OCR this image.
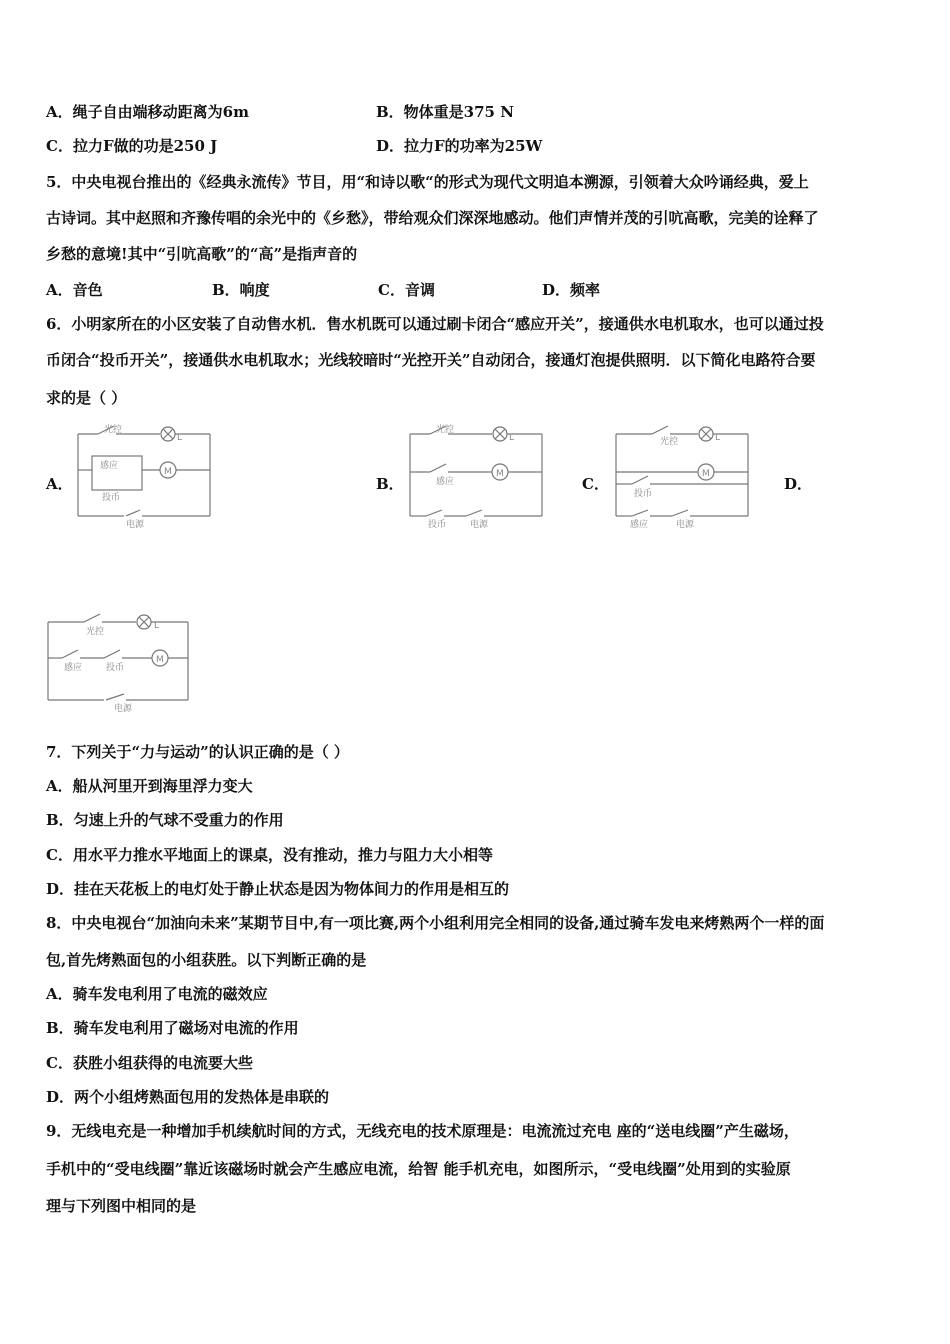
A．绳子自由端移动距离为6m	B．物体重是375 N
C．拉力F做的功是250 J	D．拉力F的功率为25W
5．中央电视台推出的《经典永流传》节目，用“和诗以歌“的形式为现代文明追本溯源，引领着大众吟诵经典，爱上
古诗词。其中赵照和齐豫传唱的余光中的《乡愁》，带给观众们深深地感动。他们声情并茂的引吭高歌，完美的诠释了
乡愁的意境!其中“引吭高歌”的“高”是指声音的
A．音色	B．响度	C．音调	D．频率
6．小明家所在的小区安装了自动售水机．售水机既可以通过刷卡闭合“感应开关”，接通供水电机取水，也可以通过投
币闭合“投币开关”，接通供水电机取水；光线较暗时“光控开关”自动闭合，接通灯泡提供照明．以下简化电路符合要
求的是（ ）
A．	B．	C．	D．
光控
感应
投币
电源
L
M
光控
感应
投币	电源
L
M
光控
投币
感应	电源
L
M
光控
感应	投币
电源
L
M
7．下列关于“力与运动”的认识正确的是（ ）
A．船从河里开到海里浮力变大
B．匀速上升的气球不受重力的作用
C．用水平力推水平地面上的课桌，没有推动，推力与阻力大小相等
D．挂在天花板上的电灯处于静止状态是因为物体间力的作用是相互的
8．中央电视台“加油向未来”某期节目中,有一项比赛,两个小组利用完全相同的设备,通过骑车发电来烤熟两个一样的面
包,首先烤熟面包的小组获胜。以下判断正确的是
A．骑车发电利用了电流的磁效应
B．骑车发电利用了磁场对电流的作用
C．获胜小组获得的电流要大些
D．两个小组烤熟面包用的发热体是串联的
9．无线电充是一种增加手机续航时间的方式，无线充电的技术原理是：电流流过充电 座的“送电线圈”产生磁场，
手机中的“受电线圈”靠近该磁场时就会产生感应电流，给智 能手机充电，如图所示，“受电线圈”处用到的实验原
理与下列图中相同的是
